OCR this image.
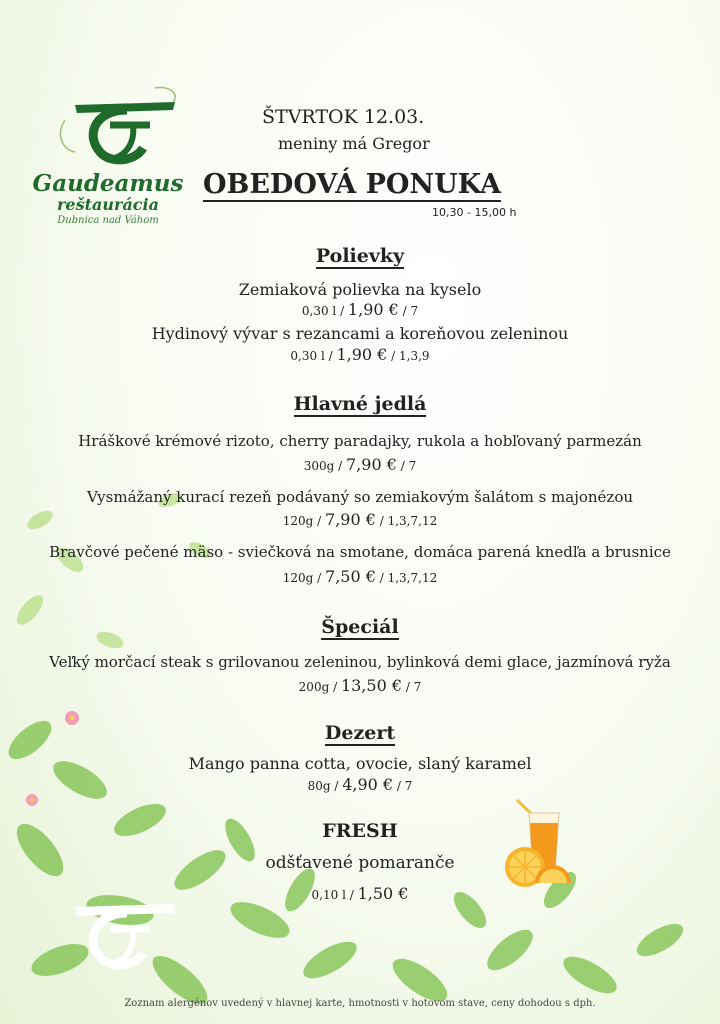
Gaudeamus
reštaurácia
Dubnica nad Váhom
ŠTVRTOK 12.03.
meniny má Gregor
OBEDOVÁ PONUKA
10,30 - 15,00 h
Polievky
Zemiaková polievka na kyselo
0,30 l / 1,90 € / 7
Hydinový vývar s rezancami a koreňovou zeleninou
0,30 l / 1,90 € / 1,3,9
Hlavné jedlá
Hráškové krémové rizoto, cherry paradajky, rukola a hobľovaný parmezán
300g / 7,90 € / 7
Vysmážaný kurací rezeň podávaný so zemiakovým šalátom s majonézou
120g / 7,90 € / 1,3,7,12
Bravčové pečené mäso - sviečková na smotane, domáca parená knedľa a brusnice
120g / 7,50 € / 1,3,7,12
Špeciál
Veľký morčací steak s grilovanou zeleninou, bylinková demi glace, jazmínová ryža
200g / 13,50 € / 7
Dezert
Mango panna cotta, ovocie, slaný karamel
80g / 4,90 € / 7
FRESH
odšťavené pomaranče
0,10 l / 1,50 €
Zoznam alergénov uvedený v hlavnej karte, hmotnosti v hotovom stave, ceny dohodou s dph.
